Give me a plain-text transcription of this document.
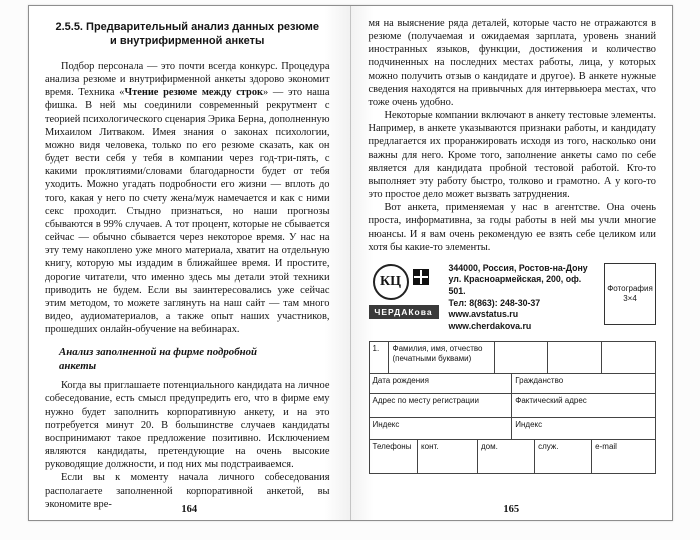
2.5.5. Предварительный анализ данных резюме и внутрифирменной анкеты

Подбор персонала — это почти всегда конкурс. Процедура анализа резюме и внутрифирменной анкеты здорово экономит время. Техника «Чтение резюме между строк» — это наша фишка. В ней мы соединили современный рекрутмент с теорией психологического сценария Эрика Берна, дополненную Михаилом Литваком. Имея знания о законах психологии, можно видя человека, только по его резюме сказать, как он будет вести себя у тебя в компании через год-три-пять, с какими проклятиями/словами благодарности будет от тебя уходить. Можно угадать подробности его жизни — вплоть до того, какая у него по счету жена/муж намечается и как с ними секс проходит. Стыдно признаться, но наши прогнозы сбываются в 99% случаев. А тот процент, которые не сбывается сейчас — обычно сбывается через некоторое время. У нас на эту тему накоплено уже много материала, хватит на отдельную книгу, которую мы издадим в ближайшее время. И простите, дорогие читатели, что именно здесь мы детали этой техники приводить не будем. Если вы заинтересовались уже сейчас этим методом, то можете заглянуть на наш сайт — там много видео, аудиоматериалов, а также опыт наших участников, прошедших онлайн-обучение на вебинарах.

Анализ заполненной на фирме подробной анкеты

Когда вы приглашаете потенциального кандидата на личное собеседование, есть смысл предупредить его, что в фирме ему нужно будет заполнить корпоративную анкету, и на это потребуется минут 20. В большинстве случаев кандидаты воспринимают такое предложение позитивно. Исключением являются кандидаты, претендующие на очень высокие руководящие должности, и под них мы подстраиваемся.

Если вы к моменту начала личного собеседования располагаете заполненной корпоративной анкетой, вы экономите вре-	164

мя на выяснение ряда деталей, которые часто не отражаются в резюме (получаемая и ожидаемая зарплата, уровень знаний иностранных языков, функции, достижения и количество подчиненных на последних местах работы, лица, у которых можно получить отзыв о кандидате и другое). В анкете нужные сведения находятся на привычных для интервьюера местах, что тоже очень удобно.

Некоторые компании включают в анкету тестовые элементы. Например, в анкете указываются признаки работы, и кандидату предлагается их проранжировать исходя из того, насколько они важны для него. Кроме того, заполнение анкеты само по себе является для кандидата пробной тестовой работой. Кто-то выполняет эту работу быстро, толково и грамотно. А у кого-то это простое дело может вызвать затруднения.

Вот анкета, применяемая у нас в агентстве. Она очень проста, информативна, за годы работы в ней мы учли многие нюансы. И я вам очень рекомендую ее взять себе целиком или хотя бы какие-то элементы.

КЦ
ЧЕРДАКова
344000, Россия, Ростов-на-Дону
ул. Красноармейская, 200, оф. 501.
Тел: 8(863): 248-30-37
www.avstatus.ru
www.cherdakova.ru
Фотография 3×4
1.	Фамилия, имя, отчество (печатными буквами)
Дата рождения	Гражданство
Адрес по месту регистрации	Фактический адрес
Индекс	Индекс
Телефоны	конт.	дом.	служ.	e-mail
165
